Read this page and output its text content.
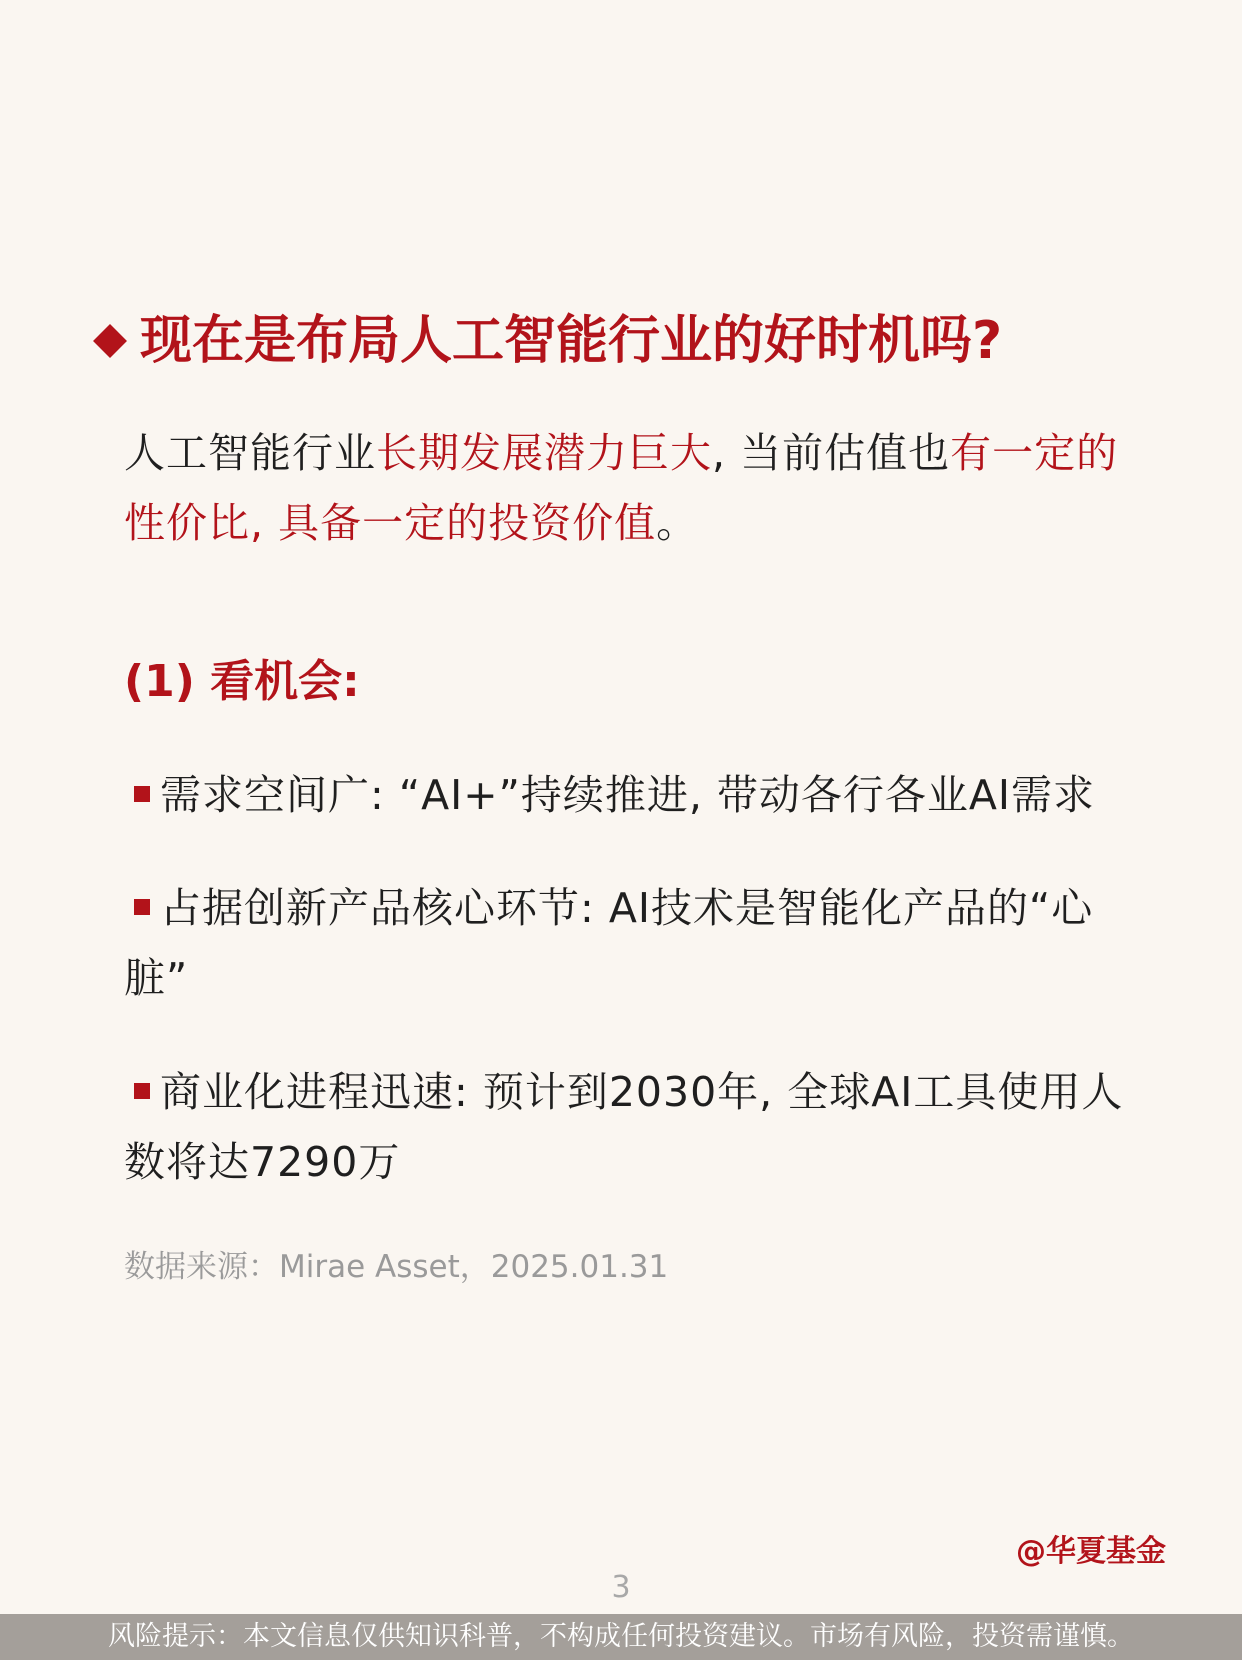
现在是布局人工智能行业的好时机吗?
人工智能行业长期发展潜力巨大, 当前估值也有一定的性价比, 具备一定的投资价值。
(1) 看机会:
需求空间广: “AI+”持续推进, 带动各行各业AI需求
占据创新产品核心环节: AI技术是智能化产品的“心脏”
商业化进程迅速: 预计到2030年, 全球AI工具使用人数将达7290万
数据来源：Mirae Asset，2025.01.31
@华夏基金
3
风险提示：本文信息仅供知识科普，不构成任何投资建议。市场有风险，投资需谨慎。
